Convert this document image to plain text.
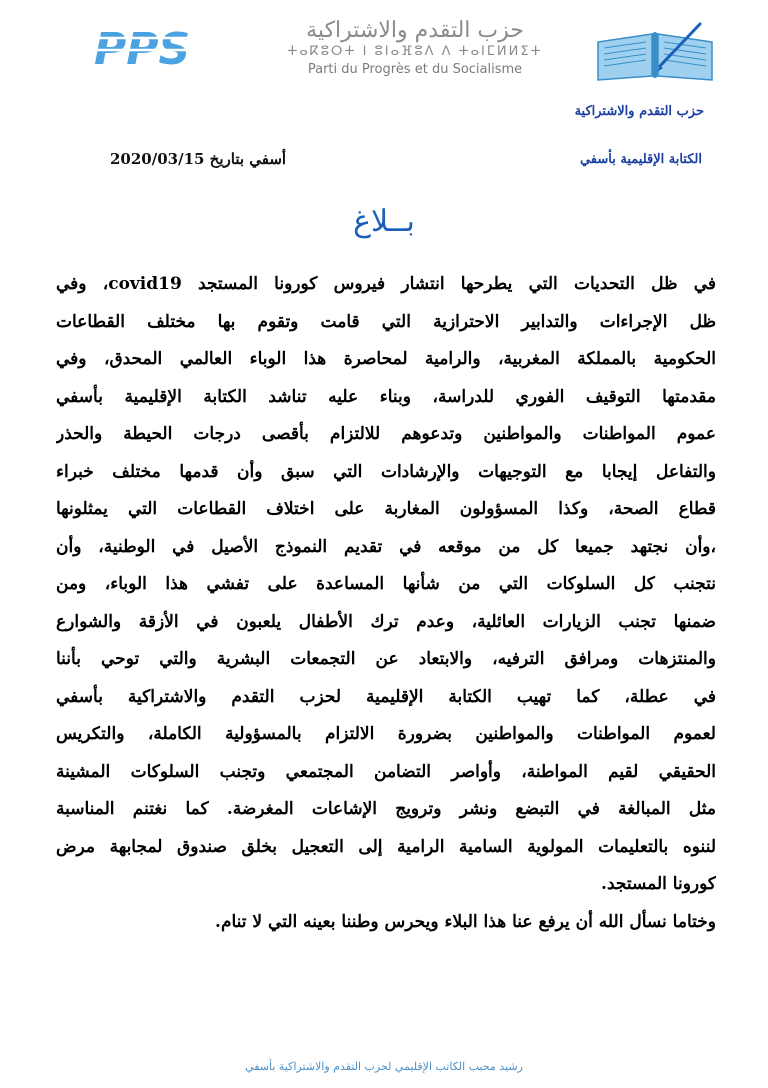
PPS	حزب التقدم والاشتراكية
ⵜⴰⴽⵓⵔⵜ ⵏ ⵓⵏⴰⴼⵓⴷ ⴷ ⵜⴰⵏⵎⵍⵍⵉⵜ
Parti du Progrès et du Socialisme
حزب التقدم والاشتراكية
الكتابة الإقليمية بأسفي
أسفي بتاريخ 2020/03/15
بــلاغ
في ظل التحديات التي يطرحها انتشار فيروس كورونا المستجد covid19، وفي
ظل الإجراءات والتدابير الاحترازية التي قامت وتقوم بها مختلف القطاعات
الحكومية بالمملكة المغربية، والرامية لمحاصرة هذا الوباء العالمي المحدق، وفي
مقدمتها التوقيف الفوري للدراسة، وبناء عليه تناشد الكتابة الإقليمية بأسفي
عموم المواطنات والمواطنين وتدعوهم للالتزام بأقصى درجات الحيطة والحذر
والتفاعل إيجابا مع التوجيهات والإرشادات التي سبق وأن قدمها مختلف خبراء
قطاع الصحة، وكذا المسؤولون المغاربة على اختلاف القطاعات التي يمثلونها
،وأن نجتهد جميعا كل من موقعه في تقديم النموذج الأصيل في الوطنية، وأن
نتجنب كل السلوكات التي من شأنها المساعدة على تفشي هذا الوباء، ومن
ضمنها تجنب الزيارات العائلية، وعدم ترك الأطفال يلعبون في الأزقة والشوارع
والمنتزهات ومرافق الترفيه، والابتعاد عن التجمعات البشرية والتي توحي بأننا
في عطلة، كما تهيب الكتابة الإقليمية لحزب التقدم والاشتراكية بأسفي
لعموم المواطنات والمواطنين بضرورة الالتزام بالمسؤولية الكاملة، والتكريس
الحقيقي لقيم المواطنة، وأواصر التضامن المجتمعي وتجنب السلوكات المشينة
مثل المبالغة في التبضع ونشر وترويج الإشاعات المغرضة. كما نغتنم المناسبة
لننوه بالتعليمات المولوية السامية الرامية إلى التعجيل بخلق صندوق لمجابهة مرض
كورونا المستجد.
وختاما نسأل الله أن يرفع عنا هذا البلاء ويحرس وطننا بعينه التي لا تنام.
رشيد محبب الكاتب الإقليمي لحزب التقدم والاشتراكية بأسفي
